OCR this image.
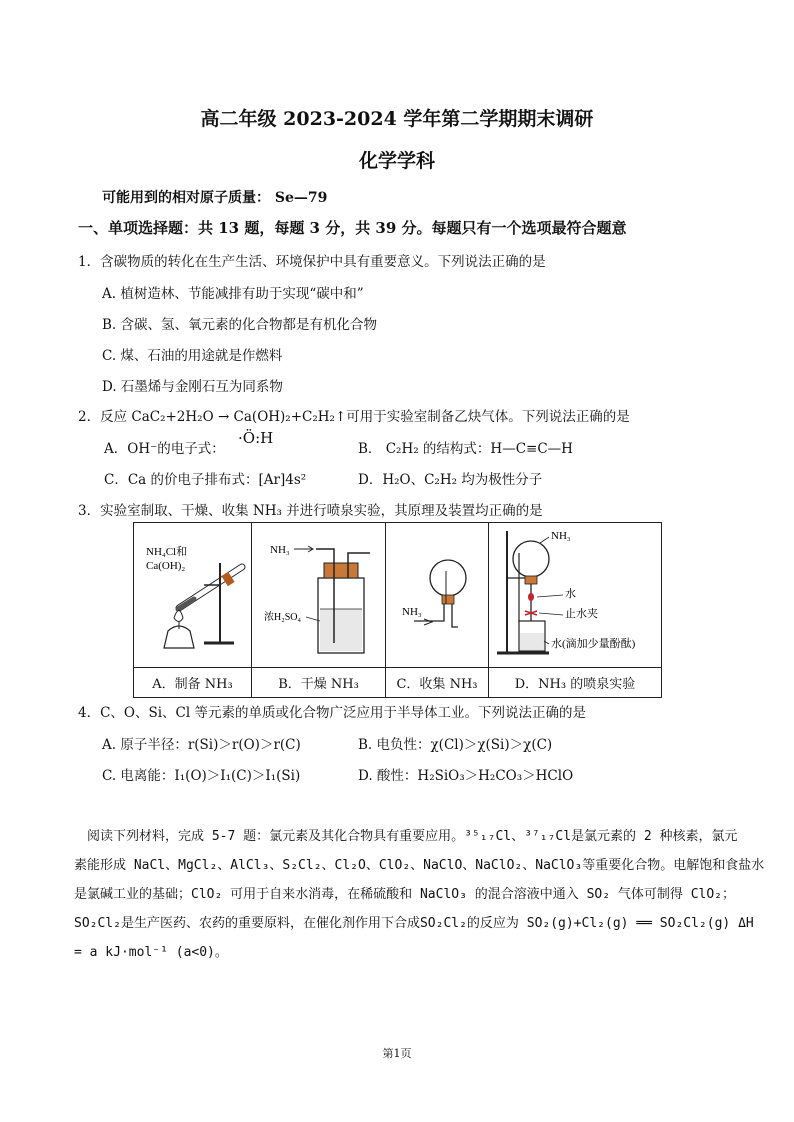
高二年级 2023-2024 学年第二学期期末调研
化学学科
可能用到的相对原子质量： Se—79
一、单项选择题：共 13 题，每题 3 分，共 39 分。每题只有一个选项最符合题意
1．含碳物质的转化在生产生活、环境保护中具有重要意义。下列说法正确的是
A. 植树造林、节能减排有助于实现“碳中和”
B. 含碳、氢、氧元素的化合物都是有机化合物
C. 煤、石油的用途就是作燃料
D. 石墨烯与金刚石互为同系物
2．反应 CaC₂+2H₂O → Ca(OH)₂+C₂H₂↑可用于实验室制备乙炔气体。下列说法正确的是
A．OH⁻的电子式：
·Ö:H
B． C₂H₂ 的结构式：H—C≡C—H
C．Ca 的价电子排布式：[Ar]4s²	D．H₂O、C₂H₂ 均为极性分子
3．实验室制取、干燥、收集 NH₃ 并进行喷泉实验，其原理及装置均正确的是
NH₄Cl和
Ca(OH)₂	NH₃
浓H₂SO₄	NH₃	NH₃
水
止水夹
水(滴加少量酚酞)

A．制备 NH₃	B．干燥 NH₃	C．收集 NH₃	D．NH₃ 的喷泉实验
4．C、O、Si、Cl 等元素的单质或化合物广泛应用于半导体工业。下列说法正确的是
A. 原子半径：r(Si)＞r(O)＞r(C)	B. 电负性：χ(Cl)＞χ(Si)＞χ(C)
C. 电离能：I₁(O)＞I₁(C)＞I₁(Si)	D. 酸性：H₂SiO₃＞H₂CO₃＞HClO
　阅读下列材料，完成 5-7 题：氯元素及其化合物具有重要应用。³⁵₁₇Cl、³⁷₁₇Cl是氯元素的 2 种核素，氯元
素能形成 NaCl、MgCl₂、AlCl₃、S₂Cl₂、Cl₂O、ClO₂、NaClO、NaClO₂、NaClO₃等重要化合物。电解饱和食盐水
是氯碱工业的基础；ClO₂ 可用于自来水消毒，在稀硫酸和 NaClO₃ 的混合溶液中通入 SO₂ 气体可制得 ClO₂；
SO₂Cl₂是生产医药、农药的重要原料，在催化剂作用下合成SO₂Cl₂的反应为 SO₂(g)+Cl₂(g) ══ SO₂Cl₂(g) ΔH
= a kJ·mol⁻¹ (a<0)。
第1页
